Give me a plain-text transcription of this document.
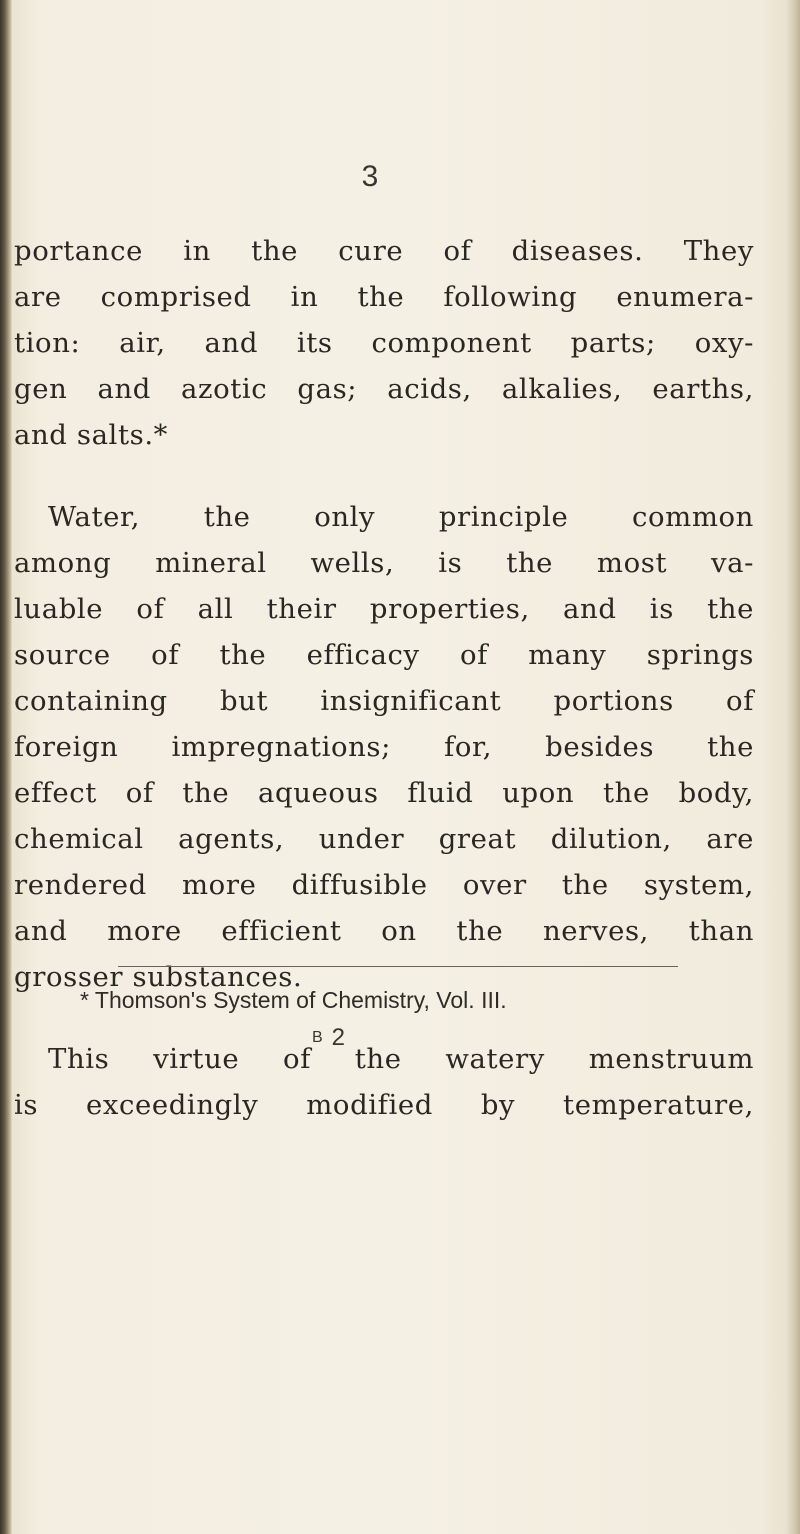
3
portance in the cure of diseases. They
are comprised in the following enumera-
tion: air, and its component parts; oxy-
gen and azotic gas; acids, alkalies, earths,
and salts.*
Water, the only principle common
among mineral wells, is the most va-
luable of all their properties, and is the
source of the efficacy of many springs
containing but insignificant portions of
foreign impregnations; for, besides the
effect of the aqueous fluid upon the body,
chemical agents, under great dilution, are
rendered more diffusible over the system,
and more efficient on the nerves, than
grosser substances.
This virtue of the watery menstruum
is exceedingly modified by temperature,
* Thomson's System of Chemistry, Vol. III.
B 2
